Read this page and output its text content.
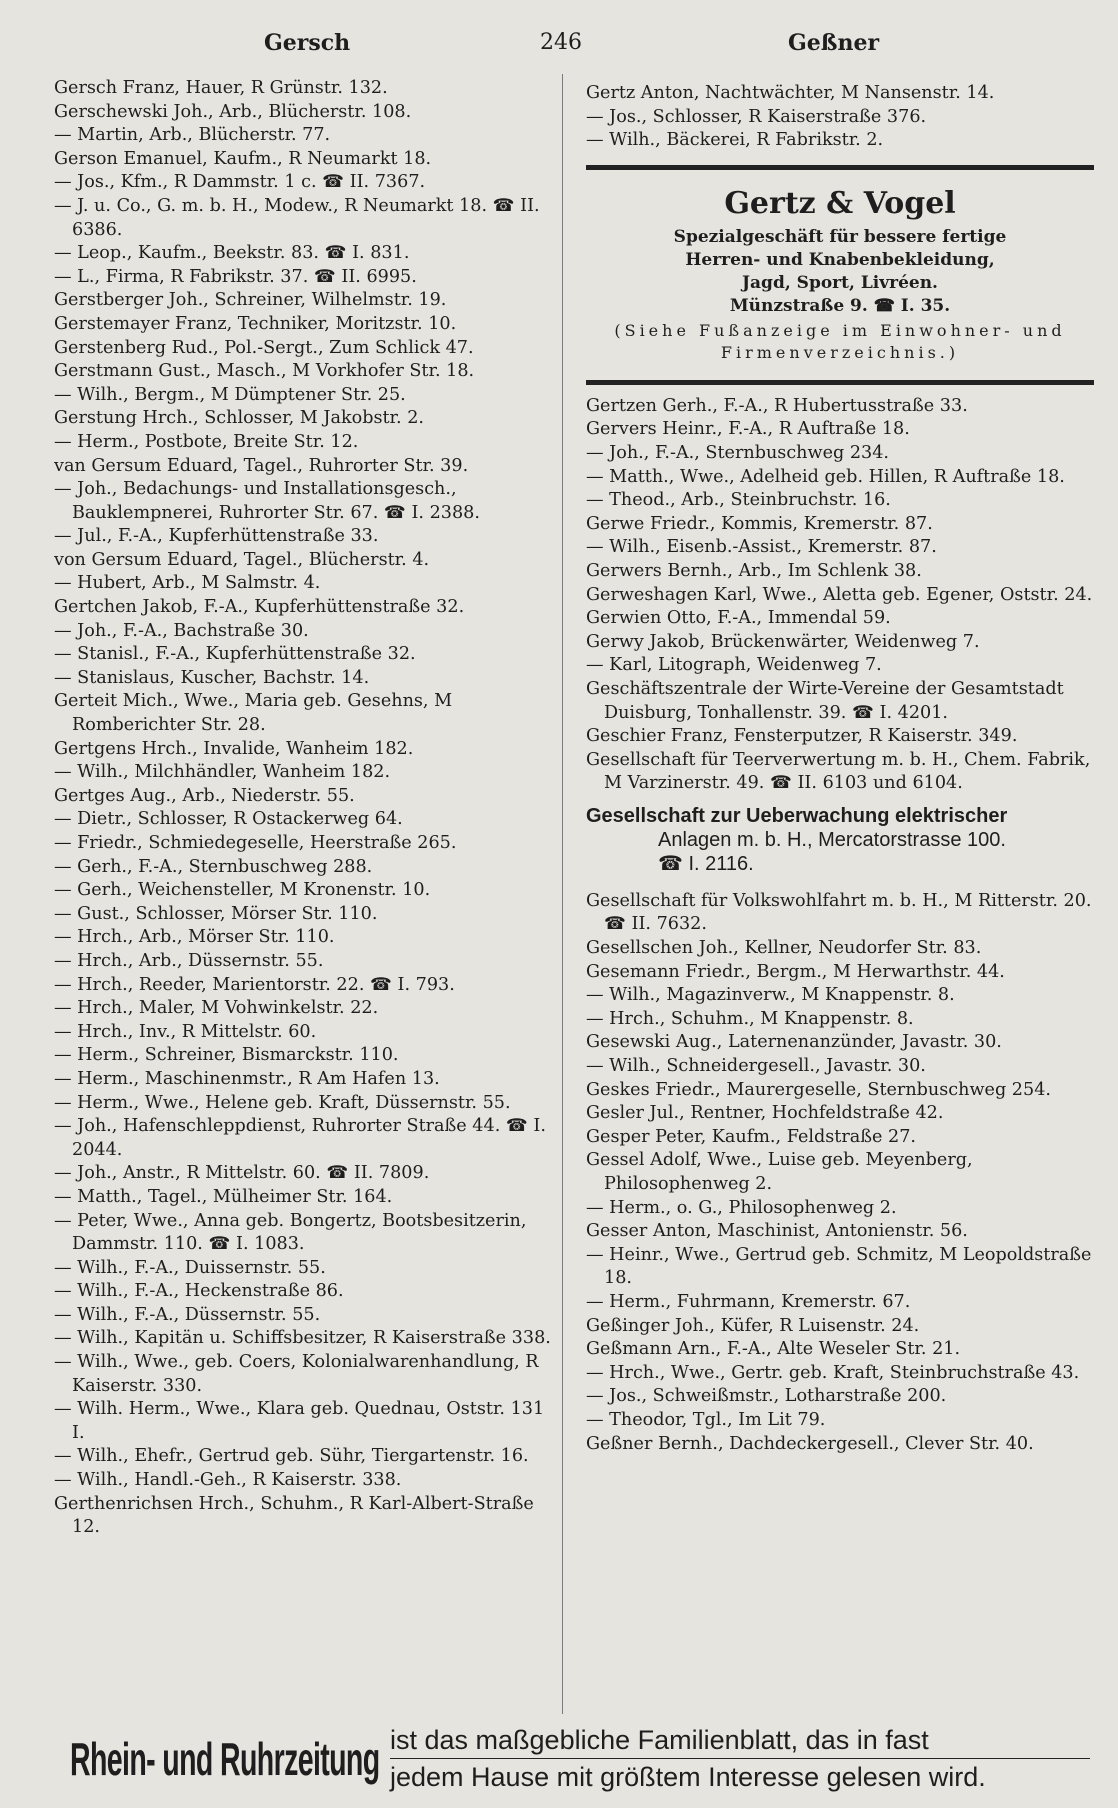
Gersch	246	Geßner
Gersch Franz, Hauer, R Grünstr. 132.
Gerschewski Joh., Arb., Blücherstr. 108.
— Martin, Arb., Blücherstr. 77.
Gerson Emanuel, Kaufm., R Neumarkt 18.
— Jos., Kfm., R Dammstr. 1 c. ☎ II. 7367.
— J. u. Co., G. m. b. H., Modew., R Neumarkt 18. ☎ II. 6386.
— Leop., Kaufm., Beekstr. 83. ☎ I. 831.
— L., Firma, R Fabrikstr. 37. ☎ II. 6995.
Gerstberger Joh., Schreiner, Wilhelmstr. 19.
Gerstemayer Franz, Techniker, Moritzstr. 10.
Gerstenberg Rud., Pol.-Sergt., Zum Schlick 47.
Gerstmann Gust., Masch., M Vorkhofer Str. 18.
— Wilh., Bergm., M Dümptener Str. 25.
Gerstung Hrch., Schlosser, M Jakobstr. 2.
— Herm., Postbote, Breite Str. 12.
van Gersum Eduard, Tagel., Ruhrorter Str. 39.
— Joh., Bedachungs- und Installationsgesch., Bauklempnerei, Ruhrorter Str. 67. ☎ I. 2388.
— Jul., F.-A., Kupferhüttenstraße 33.
von Gersum Eduard, Tagel., Blücherstr. 4.
— Hubert, Arb., M Salmstr. 4.
Gertchen Jakob, F.-A., Kupferhüttenstraße 32.
— Joh., F.-A., Bachstraße 30.
— Stanisl., F.-A., Kupferhüttenstraße 32.
— Stanislaus, Kuscher, Bachstr. 14.
Gerteit Mich., Wwe., Maria geb. Gesehns, M Romberichter Str. 28.
Gertgens Hrch., Invalide, Wanheim 182.
— Wilh., Milchhändler, Wanheim 182.
Gertges Aug., Arb., Niederstr. 55.
— Dietr., Schlosser, R Ostackerweg 64.
— Friedr., Schmiedegeselle, Heerstraße 265.
— Gerh., F.-A., Sternbuschweg 288.
— Gerh., Weichensteller, M Kronenstr. 10.
— Gust., Schlosser, Mörser Str. 110.
— Hrch., Arb., Mörser Str. 110.
— Hrch., Arb., Düssernstr. 55.
— Hrch., Reeder, Marientorstr. 22. ☎ I. 793.
— Hrch., Maler, M Vohwinkelstr. 22.
— Hrch., Inv., R Mittelstr. 60.
— Herm., Schreiner, Bismarckstr. 110.
— Herm., Maschinenmstr., R Am Hafen 13.
— Herm., Wwe., Helene geb. Kraft, Düssernstr. 55.
— Joh., Hafenschleppdienst, Ruhrorter Straße 44. ☎ I. 2044.
— Joh., Anstr., R Mittelstr. 60. ☎ II. 7809.
— Matth., Tagel., Mülheimer Str. 164.
— Peter, Wwe., Anna geb. Bongertz, Bootsbesitzerin, Dammstr. 110. ☎ I. 1083.
— Wilh., F.-A., Duissernstr. 55.
— Wilh., F.-A., Heckenstraße 86.
— Wilh., F.-A., Düssernstr. 55.
— Wilh., Kapitän u. Schiffsbesitzer, R Kaiserstraße 338.
— Wilh., Wwe., geb. Coers, Kolonialwarenhandlung, R Kaiserstr. 330.
— Wilh. Herm., Wwe., Klara geb. Quednau, Oststr. 131 I.
— Wilh., Ehefr., Gertrud geb. Sühr, Tiergartenstr. 16.
— Wilh., Handl.-Geh., R Kaiserstr. 338.
Gerthenrichsen Hrch., Schuhm., R Karl-Albert-Straße 12.
Gertz Anton, Nachtwächter, M Nansenstr. 14.
— Jos., Schlosser, R Kaiserstraße 376.
— Wilh., Bäckerei, R Fabrikstr. 2.
Gertz & Vogel
Spezialgeschäft für bessere fertige
Herren- und Knabenbekleidung,
Jagd, Sport, Livréen.
Münzstraße 9. ☎ I. 35.
(Siehe Fußanzeige im Einwohner- und Firmenverzeichnis.)
Gertzen Gerh., F.-A., R Hubertusstraße 33.
Gervers Heinr., F.-A., R Auftraße 18.
— Joh., F.-A., Sternbuschweg 234.
— Matth., Wwe., Adelheid geb. Hillen, R Auftraße 18.
— Theod., Arb., Steinbruchstr. 16.
Gerwe Friedr., Kommis, Kremerstr. 87.
— Wilh., Eisenb.-Assist., Kremerstr. 87.
Gerwers Bernh., Arb., Im Schlenk 38.
Gerweshagen Karl, Wwe., Aletta geb. Egener, Oststr. 24.
Gerwien Otto, F.-A., Immendal 59.
Gerwy Jakob, Brückenwärter, Weidenweg 7.
— Karl, Litograph, Weidenweg 7.
Geschäftszentrale der Wirte-Vereine der Gesamtstadt Duisburg, Tonhallenstr. 39. ☎ I. 4201.
Geschier Franz, Fensterputzer, R Kaiserstr. 349.
Gesellschaft für Teerverwertung m. b. H., Chem. Fabrik, M Varzinerstr. 49. ☎ II. 6103 und 6104.
Gesellschaft zur Ueberwachung elektrischer
Anlagen m. b. H., Mercatorstrasse 100.
☎ I. 2116.
Gesellschaft für Volkswohlfahrt m. b. H., M Ritterstr. 20. ☎ II. 7632.
Gesellschen Joh., Kellner, Neudorfer Str. 83.
Gesemann Friedr., Bergm., M Herwarthstr. 44.
— Wilh., Magazinverw., M Knappenstr. 8.
— Hrch., Schuhm., M Knappenstr. 8.
Gesewski Aug., Laternenanzünder, Javastr. 30.
— Wilh., Schneidergesell., Javastr. 30.
Geskes Friedr., Maurergeselle, Sternbuschweg 254.
Gesler Jul., Rentner, Hochfeldstraße 42.
Gesper Peter, Kaufm., Feldstraße 27.
Gessel Adolf, Wwe., Luise geb. Meyenberg, Philosophenweg 2.
— Herm., o. G., Philosophenweg 2.
Gesser Anton, Maschinist, Antonienstr. 56.
— Heinr., Wwe., Gertrud geb. Schmitz, M Leopoldstraße 18.
— Herm., Fuhrmann, Kremerstr. 67.
Geßinger Joh., Küfer, R Luisenstr. 24.
Geßmann Arn., F.-A., Alte Weseler Str. 21.
— Hrch., Wwe., Gertr. geb. Kraft, Steinbruchstraße 43.
— Jos., Schweißmstr., Lotharstraße 200.
— Theodor, Tgl., Im Lit 79.
Geßner Bernh., Dachdeckergesell., Clever Str. 40.
Rhein- und Ruhrzeitung ist das maßgebliche Familienblatt, das in fast
jedem Hause mit größtem Interesse gelesen wird.
